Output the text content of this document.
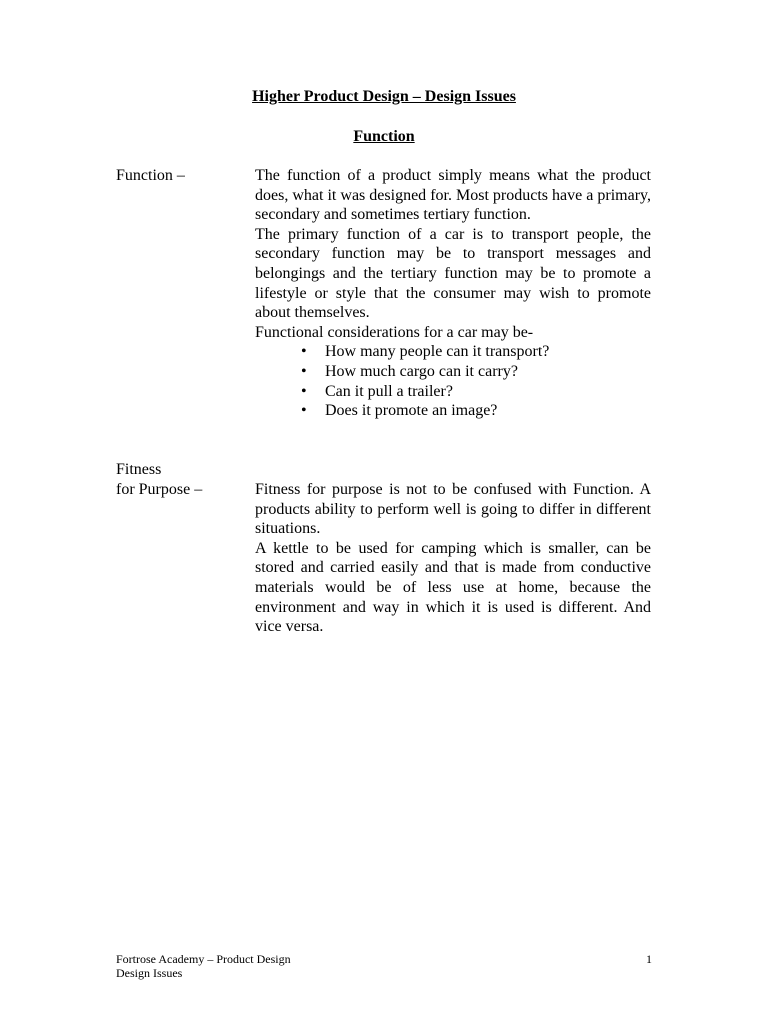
Higher Product Design – Design Issues
Function
Function –	The function of a product simply means what the product does, what it was designed for. Most products have a primary, secondary and sometimes tertiary function.

The primary function of a car is to transport people, the secondary function may be to transport messages and belongings and the tertiary function may be to promote a lifestyle or style that the consumer may wish to promote about themselves.

Functional considerations for a car may be-

• How many people can it transport?
• How much cargo can it carry?
• Can it pull a trailer?
• Does it promote an image?
Fitness
for Purpose –	Fitness for purpose is not to be confused with Function. A products ability to perform well is going to differ in different situations.

A kettle to be used for camping which is smaller, can be stored and carried easily and that is made from conductive materials would be of less use at home, because the environment and way in which it is used is different. And vice versa.

Fortrose Academy – Product Design
Design Issues
1
